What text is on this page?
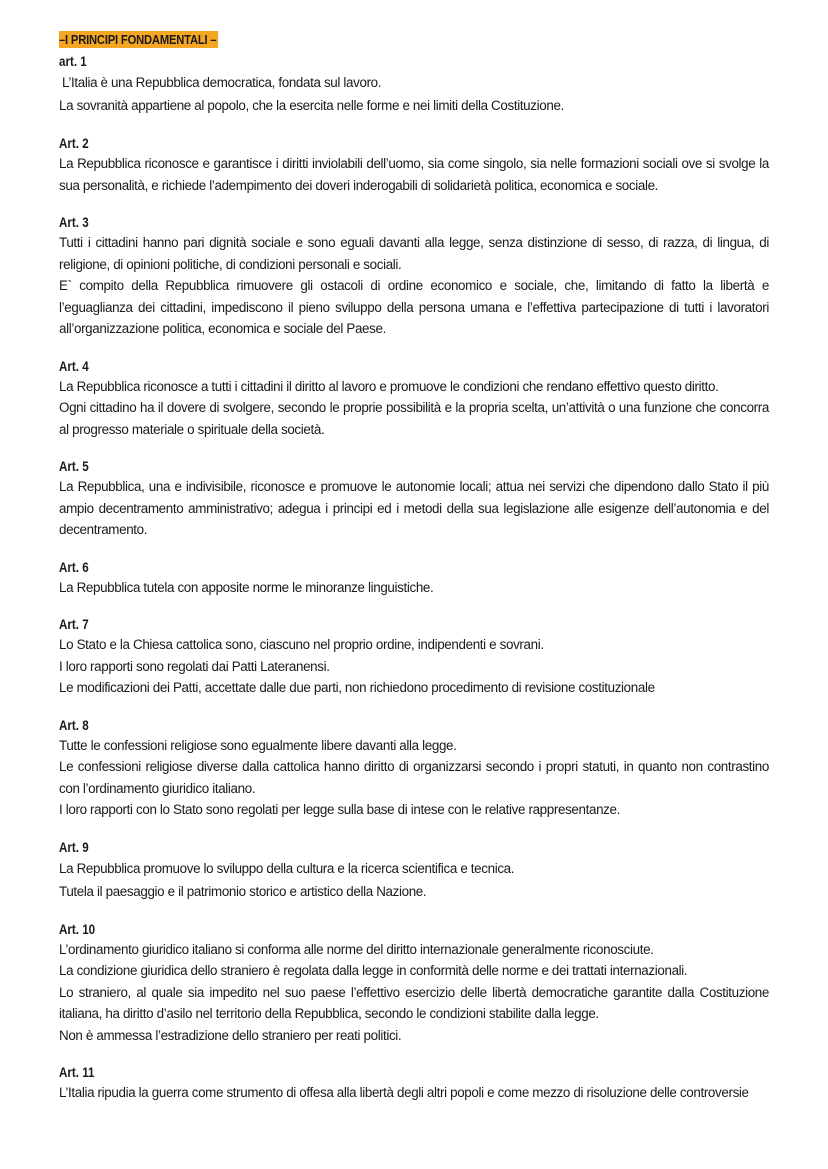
–I PRINCIPI FONDAMENTALI –
art. 1
L’Italia è una Repubblica democratica, fondata sul lavoro.
La sovranità appartiene al popolo, che la esercita nelle forme e nei limiti della Costituzione.
Art. 2
La Repubblica riconosce e garantisce i diritti inviolabili dell’uomo, sia come singolo, sia nelle formazioni sociali ove si svolge la sua personalità, e richiede l’adempimento dei doveri inderogabili di solidarietà politica, economica e sociale.
Art. 3
Tutti i cittadini hanno pari dignità sociale e sono eguali davanti alla legge, senza distinzione di sesso, di razza, di lingua, di religione, di opinioni politiche, di condizioni personali e sociali.
E` compito della Repubblica rimuovere gli ostacoli di ordine economico e sociale, che, limitando di fatto la libertà e l’eguaglianza dei cittadini, impediscono il pieno sviluppo della persona umana e l’effettiva partecipazione di tutti i lavoratori all’organizzazione politica, economica e sociale del Paese.
Art. 4
La Repubblica riconosce a tutti i cittadini il diritto al lavoro e promuove le condizioni che rendano effettivo questo diritto.
Ogni cittadino ha il dovere di svolgere, secondo le proprie possibilità e la propria scelta, un’attività o una funzione che concorra al progresso materiale o spirituale della società.
Art. 5
La Repubblica, una e indivisibile, riconosce e promuove le autonomie locali; attua nei servizi che dipendono dallo Stato il più ampio decentramento amministrativo; adegua i principi ed i metodi della sua legislazione alle esigenze dell’autonomia e del decentramento.
Art. 6
La Repubblica tutela con apposite norme le minoranze linguistiche.
Art. 7
Lo Stato e la Chiesa cattolica sono, ciascuno nel proprio ordine, indipendenti e sovrani.
I loro rapporti sono regolati dai Patti Lateranensi.
Le modificazioni dei Patti, accettate dalle due parti, non richiedono procedimento di revisione costituzionale
Art. 8
Tutte le confessioni religiose sono egualmente libere davanti alla legge.
Le confessioni religiose diverse dalla cattolica hanno diritto di organizzarsi secondo i propri statuti, in quanto non contrastino con l’ordinamento giuridico italiano.
I loro rapporti con lo Stato sono regolati per legge sulla base di intese con le relative rappresentanze.
Art. 9
La Repubblica promuove lo sviluppo della cultura e la ricerca scientifica e tecnica.
Tutela il paesaggio e il patrimonio storico e artistico della Nazione.
Art. 10
L’ordinamento giuridico italiano si conforma alle norme del diritto internazionale generalmente riconosciute.
La condizione giuridica dello straniero è regolata dalla legge in conformità delle norme e dei trattati internazionali.
Lo straniero, al quale sia impedito nel suo paese l’effettivo esercizio delle libertà democratiche garantite dalla Costituzione italiana, ha diritto d’asilo nel territorio della Repubblica, secondo le condizioni stabilite dalla legge.
Non è ammessa l’estradizione dello straniero per reati politici.
Art. 11
L’Italia ripudia la guerra come strumento di offesa alla libertà degli altri popoli e come mezzo di risoluzione delle controversie
